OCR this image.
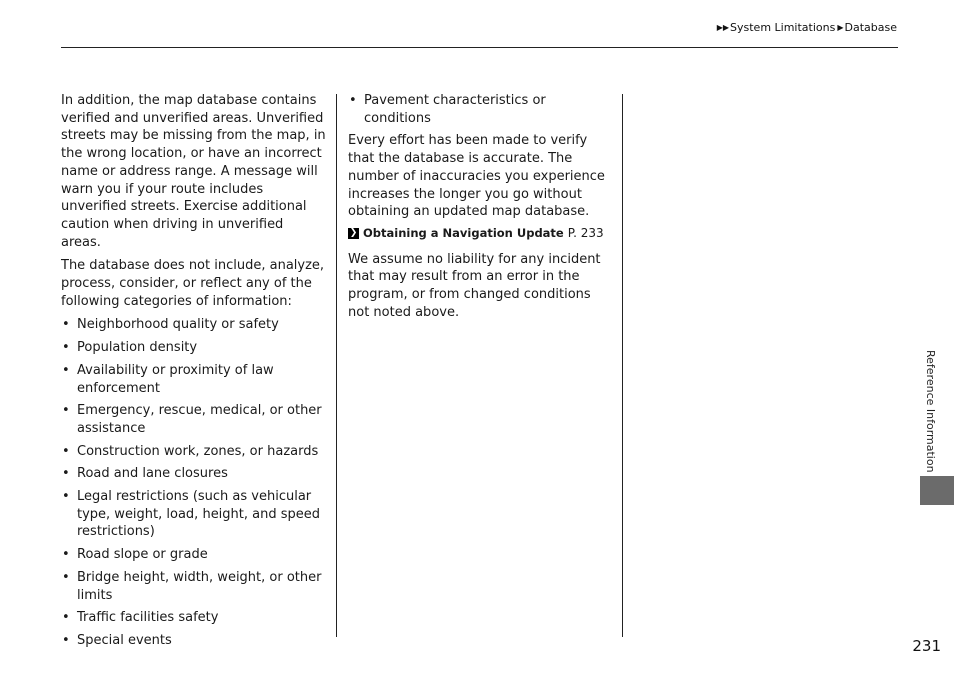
▶▶ System Limitations ▶ Database

In addition, the map database contains verified and unverified areas. Unverified streets may be missing from the map, in the wrong location, or have an incorrect name or address range. A message will warn you if your route includes unverified streets. Exercise additional caution when driving in unverified areas.

The database does not include, analyze, process, consider, or reflect any of the following categories of information:

• Neighborhood quality or safety
• Population density
• Availability or proximity of law enforcement
• Emergency, rescue, medical, or other assistance
• Construction work, zones, or hazards
• Road and lane closures
• Legal restrictions (such as vehicular type, weight, load, height, and speed restrictions)
• Road slope or grade
• Bridge height, width, weight, or other limits
• Traffic facilities safety
• Special events
• Pavement characteristics or conditions

Every effort has been made to verify that the database is accurate. The number of inaccuracies you experience increases the longer you go without obtaining an updated map database.

❯ Obtaining a Navigation Update P. 233

We assume no liability for any incident that may result from an error in the program, or from changed conditions not noted above.

Reference Information
231
